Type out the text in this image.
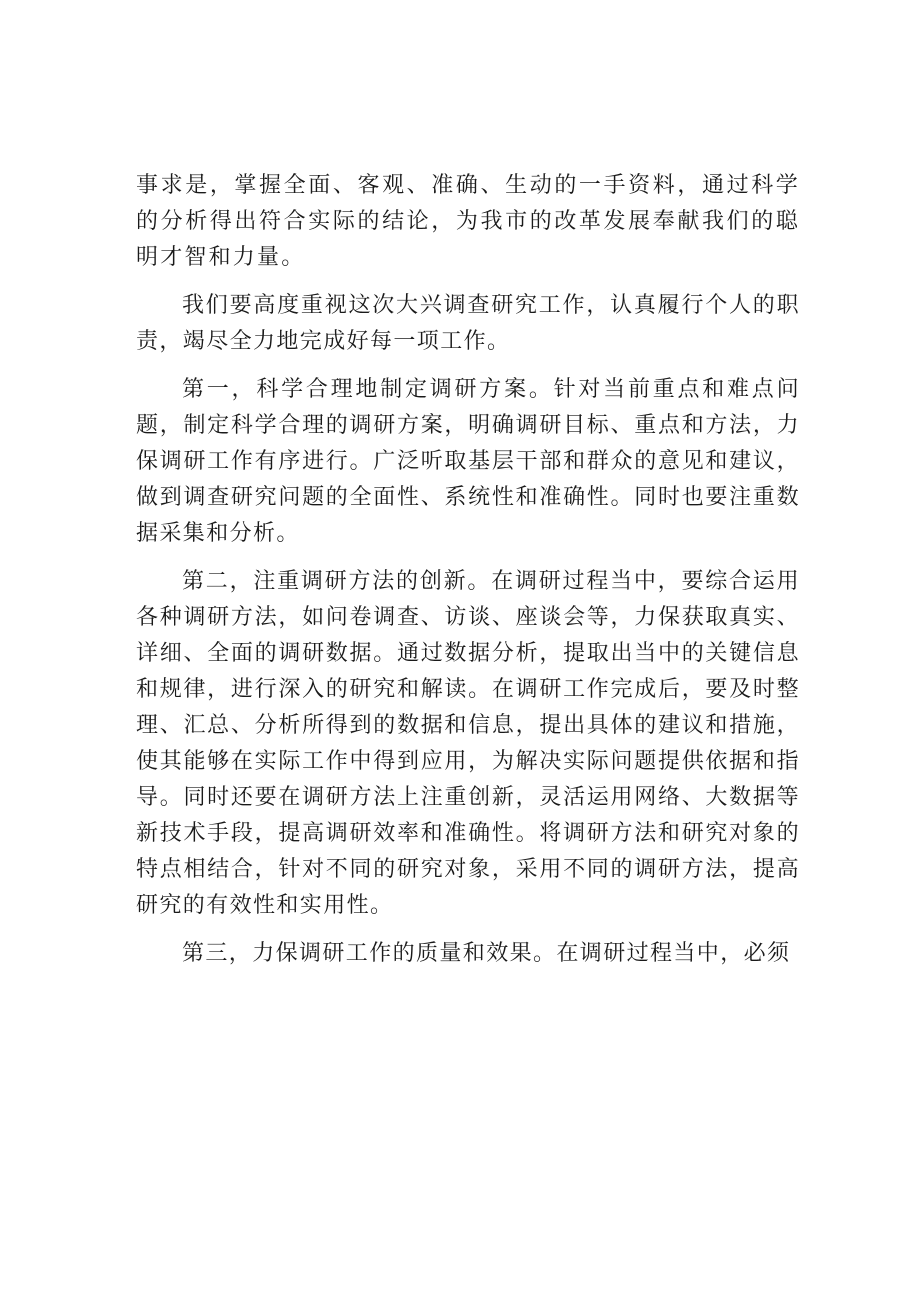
事求是，掌握全面、客观、准确、生动的一手资料，通过科学的分析得出符合实际的结论，为我市的改革发展奉献我们的聪明才智和力量。

我们要高度重视这次大兴调查研究工作，认真履行个人的职责，竭尽全力地完成好每一项工作。

第一，科学合理地制定调研方案。针对当前重点和难点问题，制定科学合理的调研方案，明确调研目标、重点和方法，力保调研工作有序进行。广泛听取基层干部和群众的意见和建议，做到调查研究问题的全面性、系统性和准确性。同时也要注重数据采集和分析。

第二，注重调研方法的创新。在调研过程当中，要综合运用各种调研方法，如问卷调查、访谈、座谈会等，力保获取真实、详细、全面的调研数据。通过数据分析，提取出当中的关键信息和规律，进行深入的研究和解读。在调研工作完成后，要及时整理、汇总、分析所得到的数据和信息，提出具体的建议和措施，使其能够在实际工作中得到应用，为解决实际问题提供依据和指导。同时还要在调研方法上注重创新，灵活运用网络、大数据等新技术手段，提高调研效率和准确性。将调研方法和研究对象的特点相结合，针对不同的研究对象，采用不同的调研方法，提高研究的有效性和实用性。

第三，力保调研工作的质量和效果。在调研过程当中，必须
